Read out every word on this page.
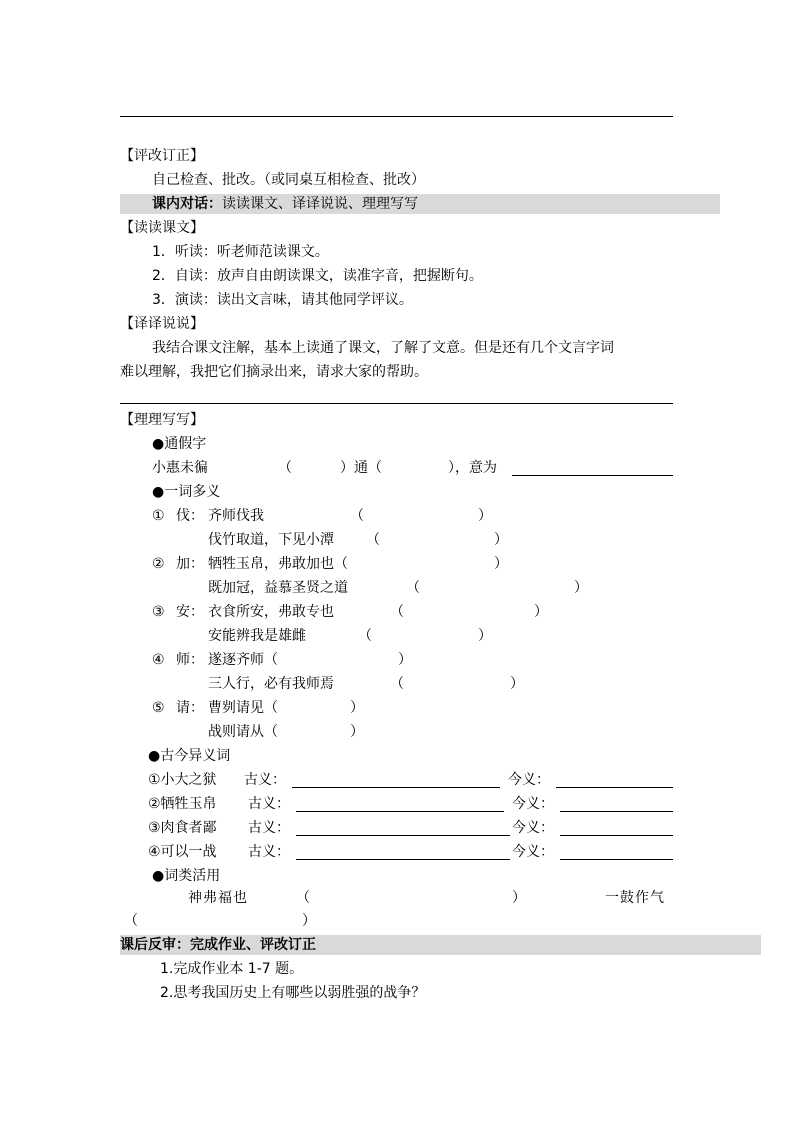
【评改订正】
自己检查、批改。（或同桌互相检查、批改）
课内对话：读读课文、译译说说、理理写写
【读读课文】
1．听读：听老师范读课文。
2．自读：放声自由朗读课文，读准字音，把握断句。
3．演读：读出文言味，请其他同学评议。
【译译说说】
我结合课文注解，基本上读通了课文，了解了文意。但是还有几个文言字词
难以理解，我把它们摘录出来，请求大家的帮助。
【理理写写】
●通假字
小惠未徧	（	）通（	），意为
●一词多义
① 伐： 齐师伐我	（	）
伐竹取道，下见小潭 （	）
② 加： 牺牲玉帛，弗敢加也（	）
既加冠，益慕圣贤之道	（	）
③ 安： 衣食所安，弗敢专也	（	）
安能辨我是雄雌	（	）
④ 师： 遂逐齐师（	）
三人行，必有我师焉	（	）
⑤ 请： 曹刿请见（	）
战则请从（	）
●古今异义词
①小大之狱 古义：	今义：
②牺牲玉帛 古义：	今义：
③肉食者鄙 古义：	今义：
④可以一战 古义：	今义：
●词类活用
神弗福也	（	）	一鼓作气
（	）
课后反审：完成作业、评改订正
1.完成作业本 1-7 题。
2.思考我国历史上有哪些以弱胜强的战争？
